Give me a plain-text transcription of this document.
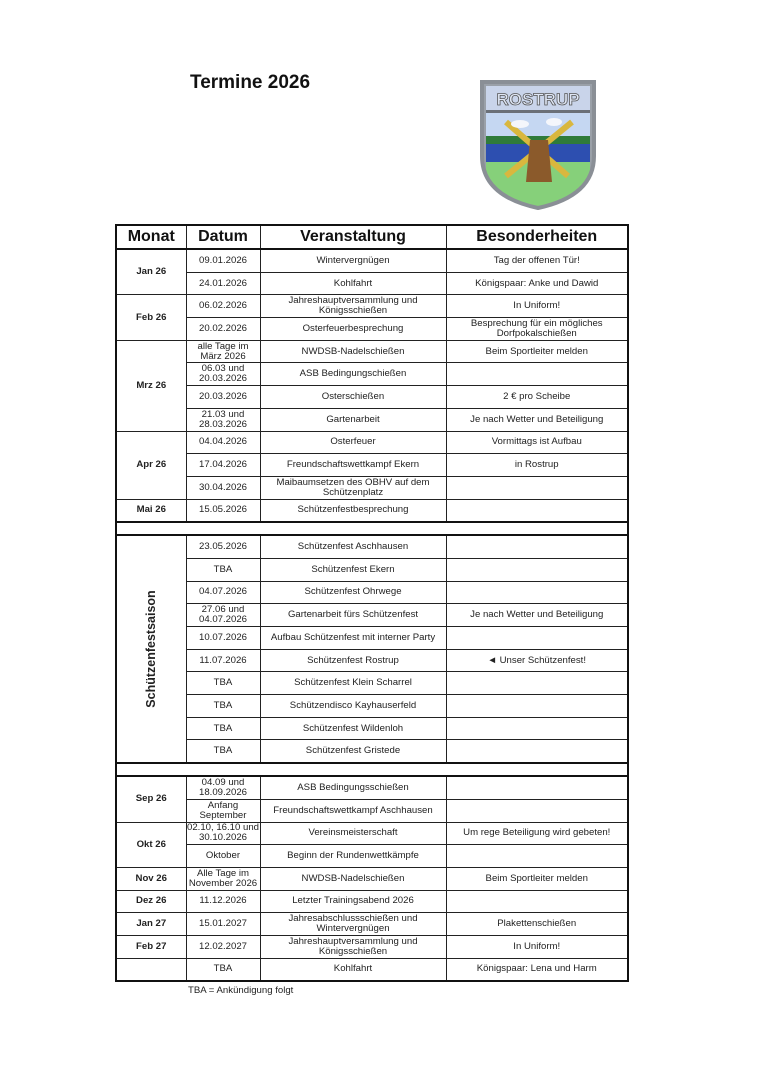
Termine 2026
ROSTRUP
Monat	Datum	Veranstaltung	Besonderheiten
Jan 26	09.01.2026	Wintervergnügen	Tag der offenen Tür!
	24.01.2026	Kohlfahrt	Königspaar: Anke und Dawid
Feb 26	06.02.2026	Jahreshauptversammlung und Königsschießen	In Uniform!
	20.02.2026	Osterfeuerbesprechung	Besprechung für ein mögliches Dorfpokalschießen
Mrz 26	alle Tage im März 2026	NWDSB-Nadelschießen	Beim Sportleiter melden
	06.03 und 20.03.2026	ASB Bedingungschießen	
	20.03.2026	Osterschießen	2 € pro Scheibe
	21.03 und 28.03.2026	Gartenarbeit	Je nach Wetter und Beteiligung
Apr 26	04.04.2026	Osterfeuer	Vormittags ist Aufbau
	17.04.2026	Freundschaftswettkampf Ekern	in Rostrup
	30.04.2026	Maibaumsetzen des OBHV auf dem Schützenplatz	
Mai 26	15.05.2026	Schützenfestbesprechung	

Schützenfestsaison	23.05.2026	Schützenfest Aschhausen	
	TBA	Schützenfest Ekern	
	04.07.2026	Schützenfest Ohrwege	
	27.06 und 04.07.2026	Gartenarbeit fürs Schützenfest	Je nach Wetter und Beteiligung
	10.07.2026	Aufbau Schützenfest mit interner Party	
	11.07.2026	Schützenfest Rostrup	◄ Unser Schützenfest!
	TBA	Schützenfest Klein Scharrel	
	TBA	Schützendisco Kayhauserfeld	
	TBA	Schützenfest Wildenloh	
	TBA	Schützenfest Gristede	

Sep 26	04.09 und 18.09.2026	ASB Bedingungsschießen	
	Anfang September	Freundschaftswettkampf Aschhausen	
Okt 26	02.10, 16.10 und 30.10.2026	Vereinsmeisterschaft	Um rege Beteiligung wird gebeten!
	Oktober	Beginn der Rundenwettkämpfe	
Nov 26	Alle Tage im November 2026	NWDSB-Nadelschießen	Beim Sportleiter melden
Dez 26	11.12.2026	Letzter Trainingsabend 2026	
Jan 27	15.01.2027	Jahresabschlussschießen und Wintervergnügen	Plakettenschießen
Feb 27	12.02.2027	Jahreshauptversammlung und Königsschießen	In Uniform!
	TBA	Kohlfahrt	Königspaar: Lena und Harm
TBA = Ankündigung folgt
